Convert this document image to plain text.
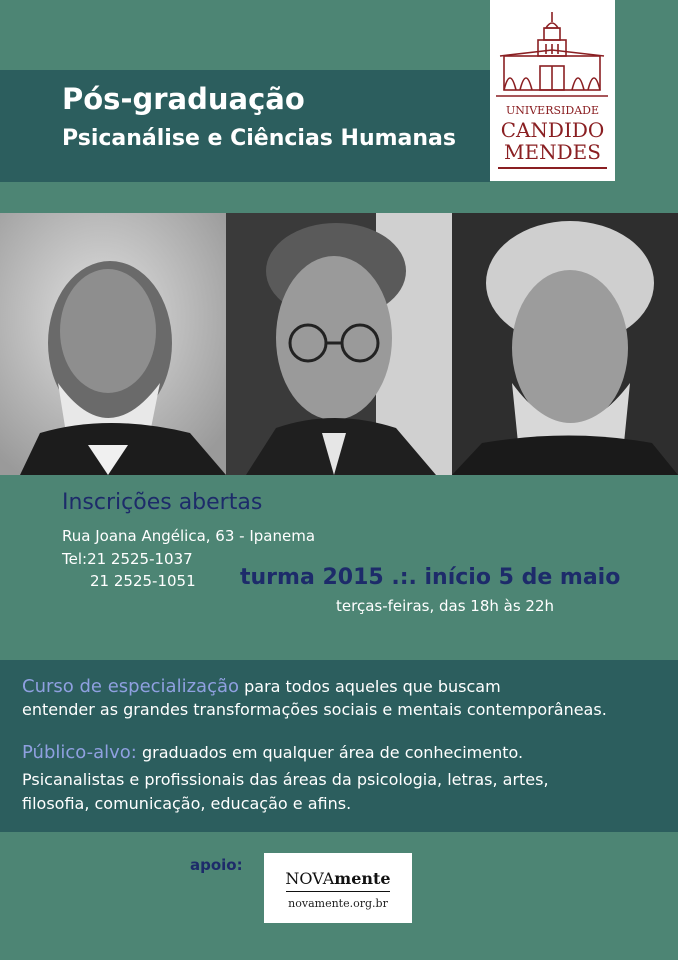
Pós-graduação
Psicanálise e Ciências Humanas
UNIVERSIDADE
CANDIDO
MENDES
Inscrições abertas
Rua Joana Angélica, 63 - Ipanema
Tel:21 2525-1037
21 2525-1051 turma 2015 .:. início 5 de maio
terças-feiras, das 18h às 22h
Curso de especialização para todos aqueles que buscam
entender as grandes transformações sociais e mentais contemporâneas.
Público-alvo: graduados em qualquer área de conhecimento.
Psicanalistas e profissionais das áreas da psicologia, letras, artes,
filosofia, comunicação, educação e afins.
apoio:
NOVAmente
novamente.org.br
